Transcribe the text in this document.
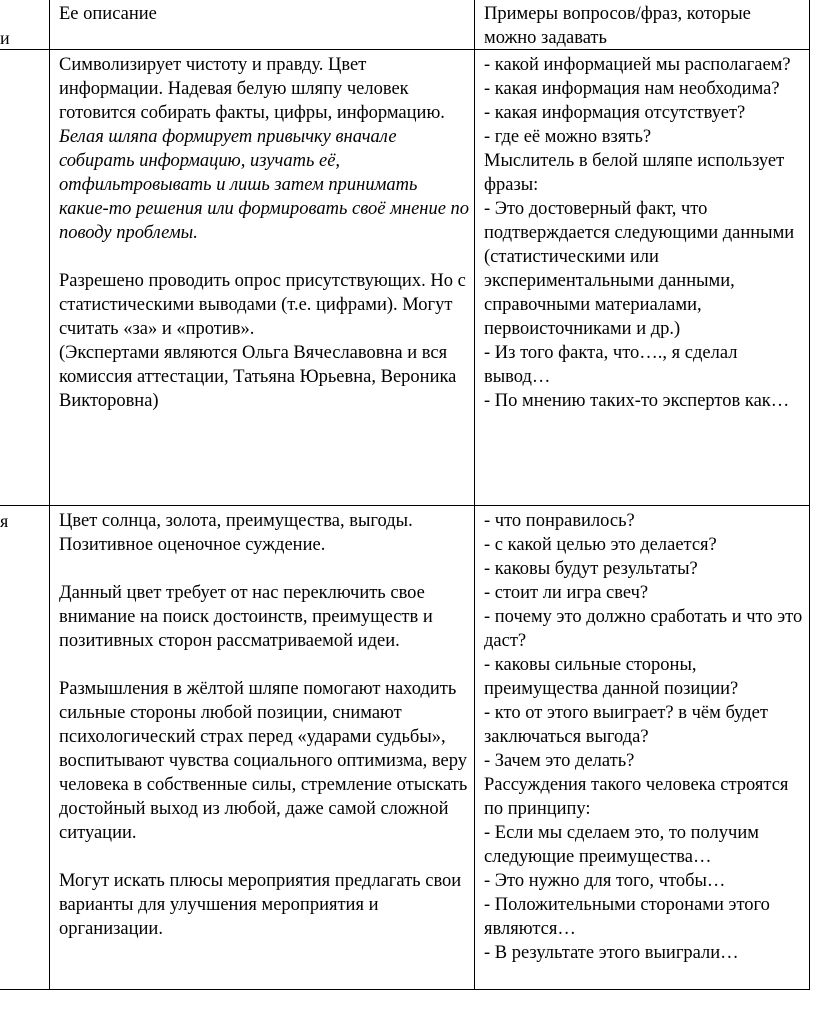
и

Ее описание	Примеры вопросов/фраз, которые можно задавать

Символизирует чистоту и правду. Цвет информации. Надевая белую шляпу человек готовится собирать факты, цифры, информацию.

Белая шляпа формирует привычку вначале собирать информацию, изучать её, отфильтровывать и лишь затем принимать какие-то решения или формировать своё мнение по поводу проблемы.

Разрешено проводить опрос присутствующих. Но с статистическими выводами (т.е. цифрами). Могут считать «за» и «против».

(Экспертами являются Ольга Вячеславовна и вся комиссия аттестации, Татьяна Юрьевна, Вероника Викторовна)

- какой информацией мы располагаем?
- какая информация нам необходима?
- какая информация отсутствует?
- где её можно взять?
Мыслитель в белой шляпе использует фразы:
- Это достоверный факт, что подтверждается следующими данными (статистическими или экспериментальными данными, справочными материалами, первоисточниками и др.)
- Из того факта, что…., я сделал вывод…
- По мнению таких-то экспертов как…

я	Цвет солнца, золота, преимущества, выгоды. Позитивное оценочное суждение.

Данный цвет требует от нас переключить свое внимание на поиск достоинств, преимуществ и позитивных сторон рассматриваемой идеи.

Размышления в жёлтой шляпе помогают находить сильные стороны любой позиции, снимают психологический страх перед «ударами судьбы», воспитывают чувства социального оптимизма, веру человека в собственные силы, стремление отыскать достойный выход из любой, даже самой сложной ситуации.

Могут искать плюсы мероприятия предлагать свои варианты для улучшения мероприятия и организации.

- что понравилось?
- с какой целью это делается?
- каковы будут результаты?
- стоит ли игра свеч?
- почему это должно сработать и что это даст?
- каковы сильные стороны, преимущества данной позиции?
- кто от этого выиграет? в чём будет заключаться выгода?
- Зачем это делать?
Рассуждения такого человека строятся по принципу:
- Если мы сделаем это, то получим следующие преимущества…
- Это нужно для того, чтобы…
- Положительными сторонами этого являются…
- В результате этого выиграли…
